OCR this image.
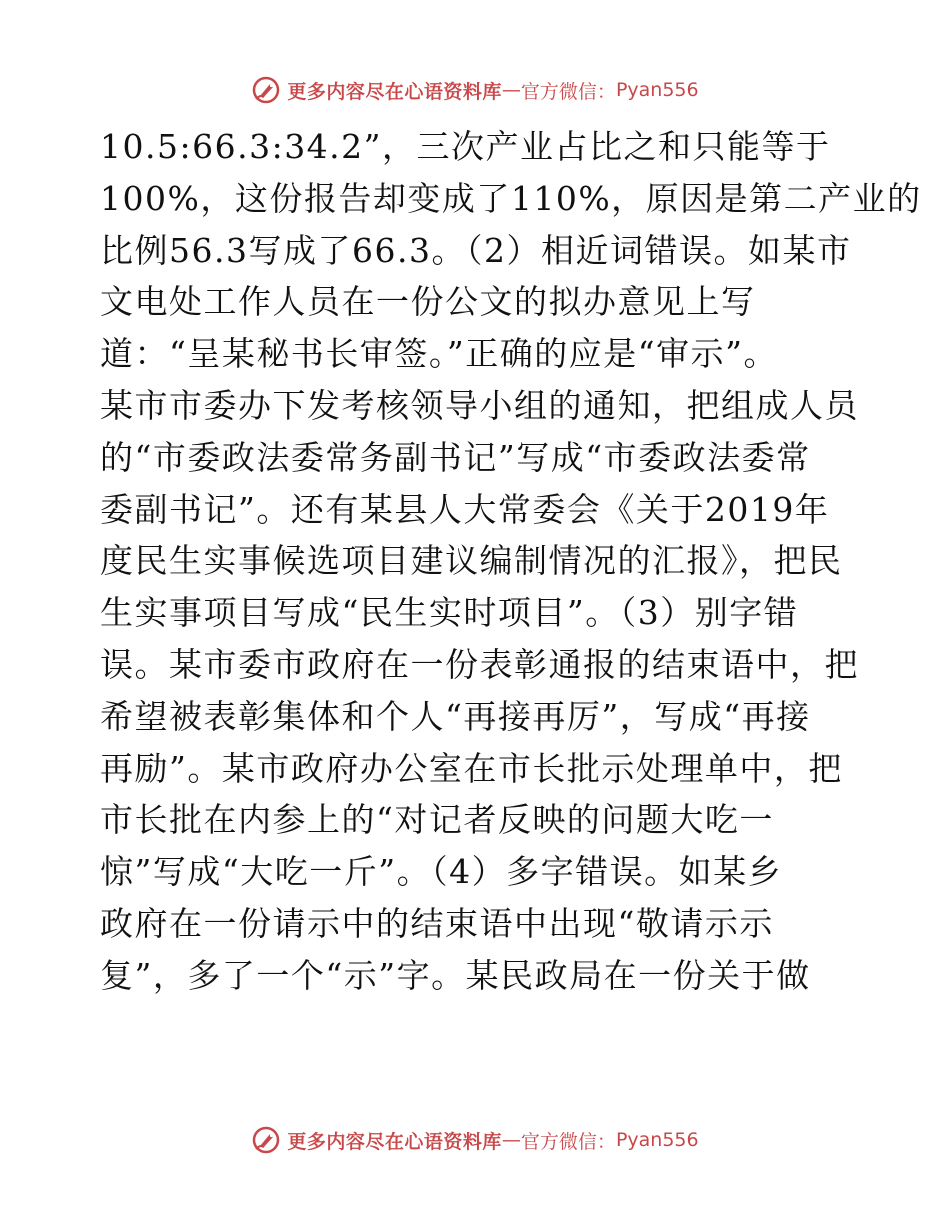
更多内容尽在心语资料库 — 官方微信： Pyan556
10.5:66.3:34.2”，三次产业占比之和只能等于
100%，这份报告却变成了110%，原因是第二产业的
比例56.3写成了66.3。（2）相近词错误。如某市
文电处工作人员在一份公文的拟办意见上写
道：“呈某秘书长审签。”正确的应是“审示”。
某市市委办下发考核领导小组的通知，把组成人员
的“市委政法委常务副书记”写成“市委政法委常
委副书记”。还有某县人大常委会《关于2019年
度民生实事候选项目建议编制情况的汇报》，把民
生实事项目写成“民生实时项目”。（3）别字错
误。某市委市政府在一份表彰通报的结束语中，把
希望被表彰集体和个人“再接再厉”，写成“再接
再励”。某市政府办公室在市长批示处理单中，把
市长批在内参上的“对记者反映的问题大吃一
惊”写成“大吃一斤”。（4）多字错误。如某乡
政府在一份请示中的结束语中出现“敬请示示
复”，多了一个“示”字。某民政局在一份关于做
更多内容尽在心语资料库 — 官方微信： Pyan556
